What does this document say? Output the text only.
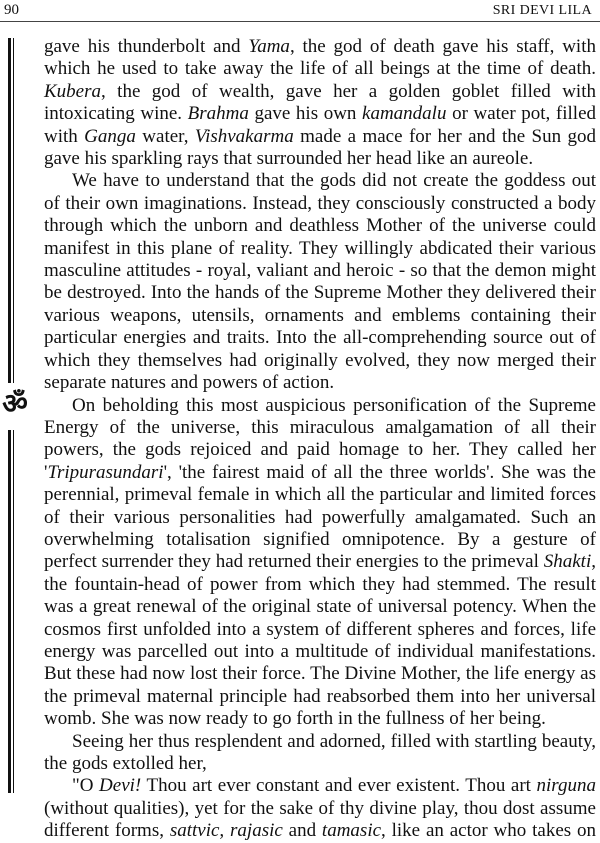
90	SRI DEVI LILA
ॐ

gave his thunderbolt and Yama, the god of death gave his staff, with which he used to take away the life of all beings at the time of death. Kubera, the god of wealth, gave her a golden goblet filled with intoxicating wine. Brahma gave his own kamandalu or water pot, filled with Ganga water, Vishvakarma made a mace for her and the Sun god gave his sparkling rays that surrounded her head like an aureole.

We have to understand that the gods did not create the goddess out of their own imaginations. Instead, they consciously constructed a body through which the unborn and deathless Mother of the universe could manifest in this plane of reality. They willingly abdicated their various masculine attitudes - royal, valiant and heroic - so that the demon might be destroyed. Into the hands of the Supreme Mother they delivered their various weapons, utensils, ornaments and emblems containing their particular energies and traits. Into the all-comprehending source out of which they themselves had originally evolved, they now merged their separate natures and powers of action.

On beholding this most auspicious personification of the Supreme Energy of the universe, this miraculous amalgamation of all their powers, the gods rejoiced and paid homage to her. They called her 'Tripurasundari', 'the fairest maid of all the three worlds'. She was the perennial, primeval female in which all the particular and limited forces of their various personalities had powerfully amalgamated. Such an overwhelming totalisation signified omnipotence. By a gesture of perfect surrender they had returned their energies to the primeval Shakti, the fountain-head of power from which they had stemmed. The result was a great renewal of the original state of universal potency. When the cosmos first unfolded into a system of different spheres and forces, life energy was parcelled out into a multitude of individual manifestations. But these had now lost their force. The Divine Mother, the life energy as the primeval maternal principle had reabsorbed them into her universal womb. She was now ready to go forth in the fullness of her being.

Seeing her thus resplendent and adorned, filled with startling beauty, the gods extolled her,

"O Devi! Thou art ever constant and ever existent. Thou art nirguna (without qualities), yet for the sake of thy divine play, thou dost assume different forms, sattvic, rajasic and tamasic, like an actor who takes on
